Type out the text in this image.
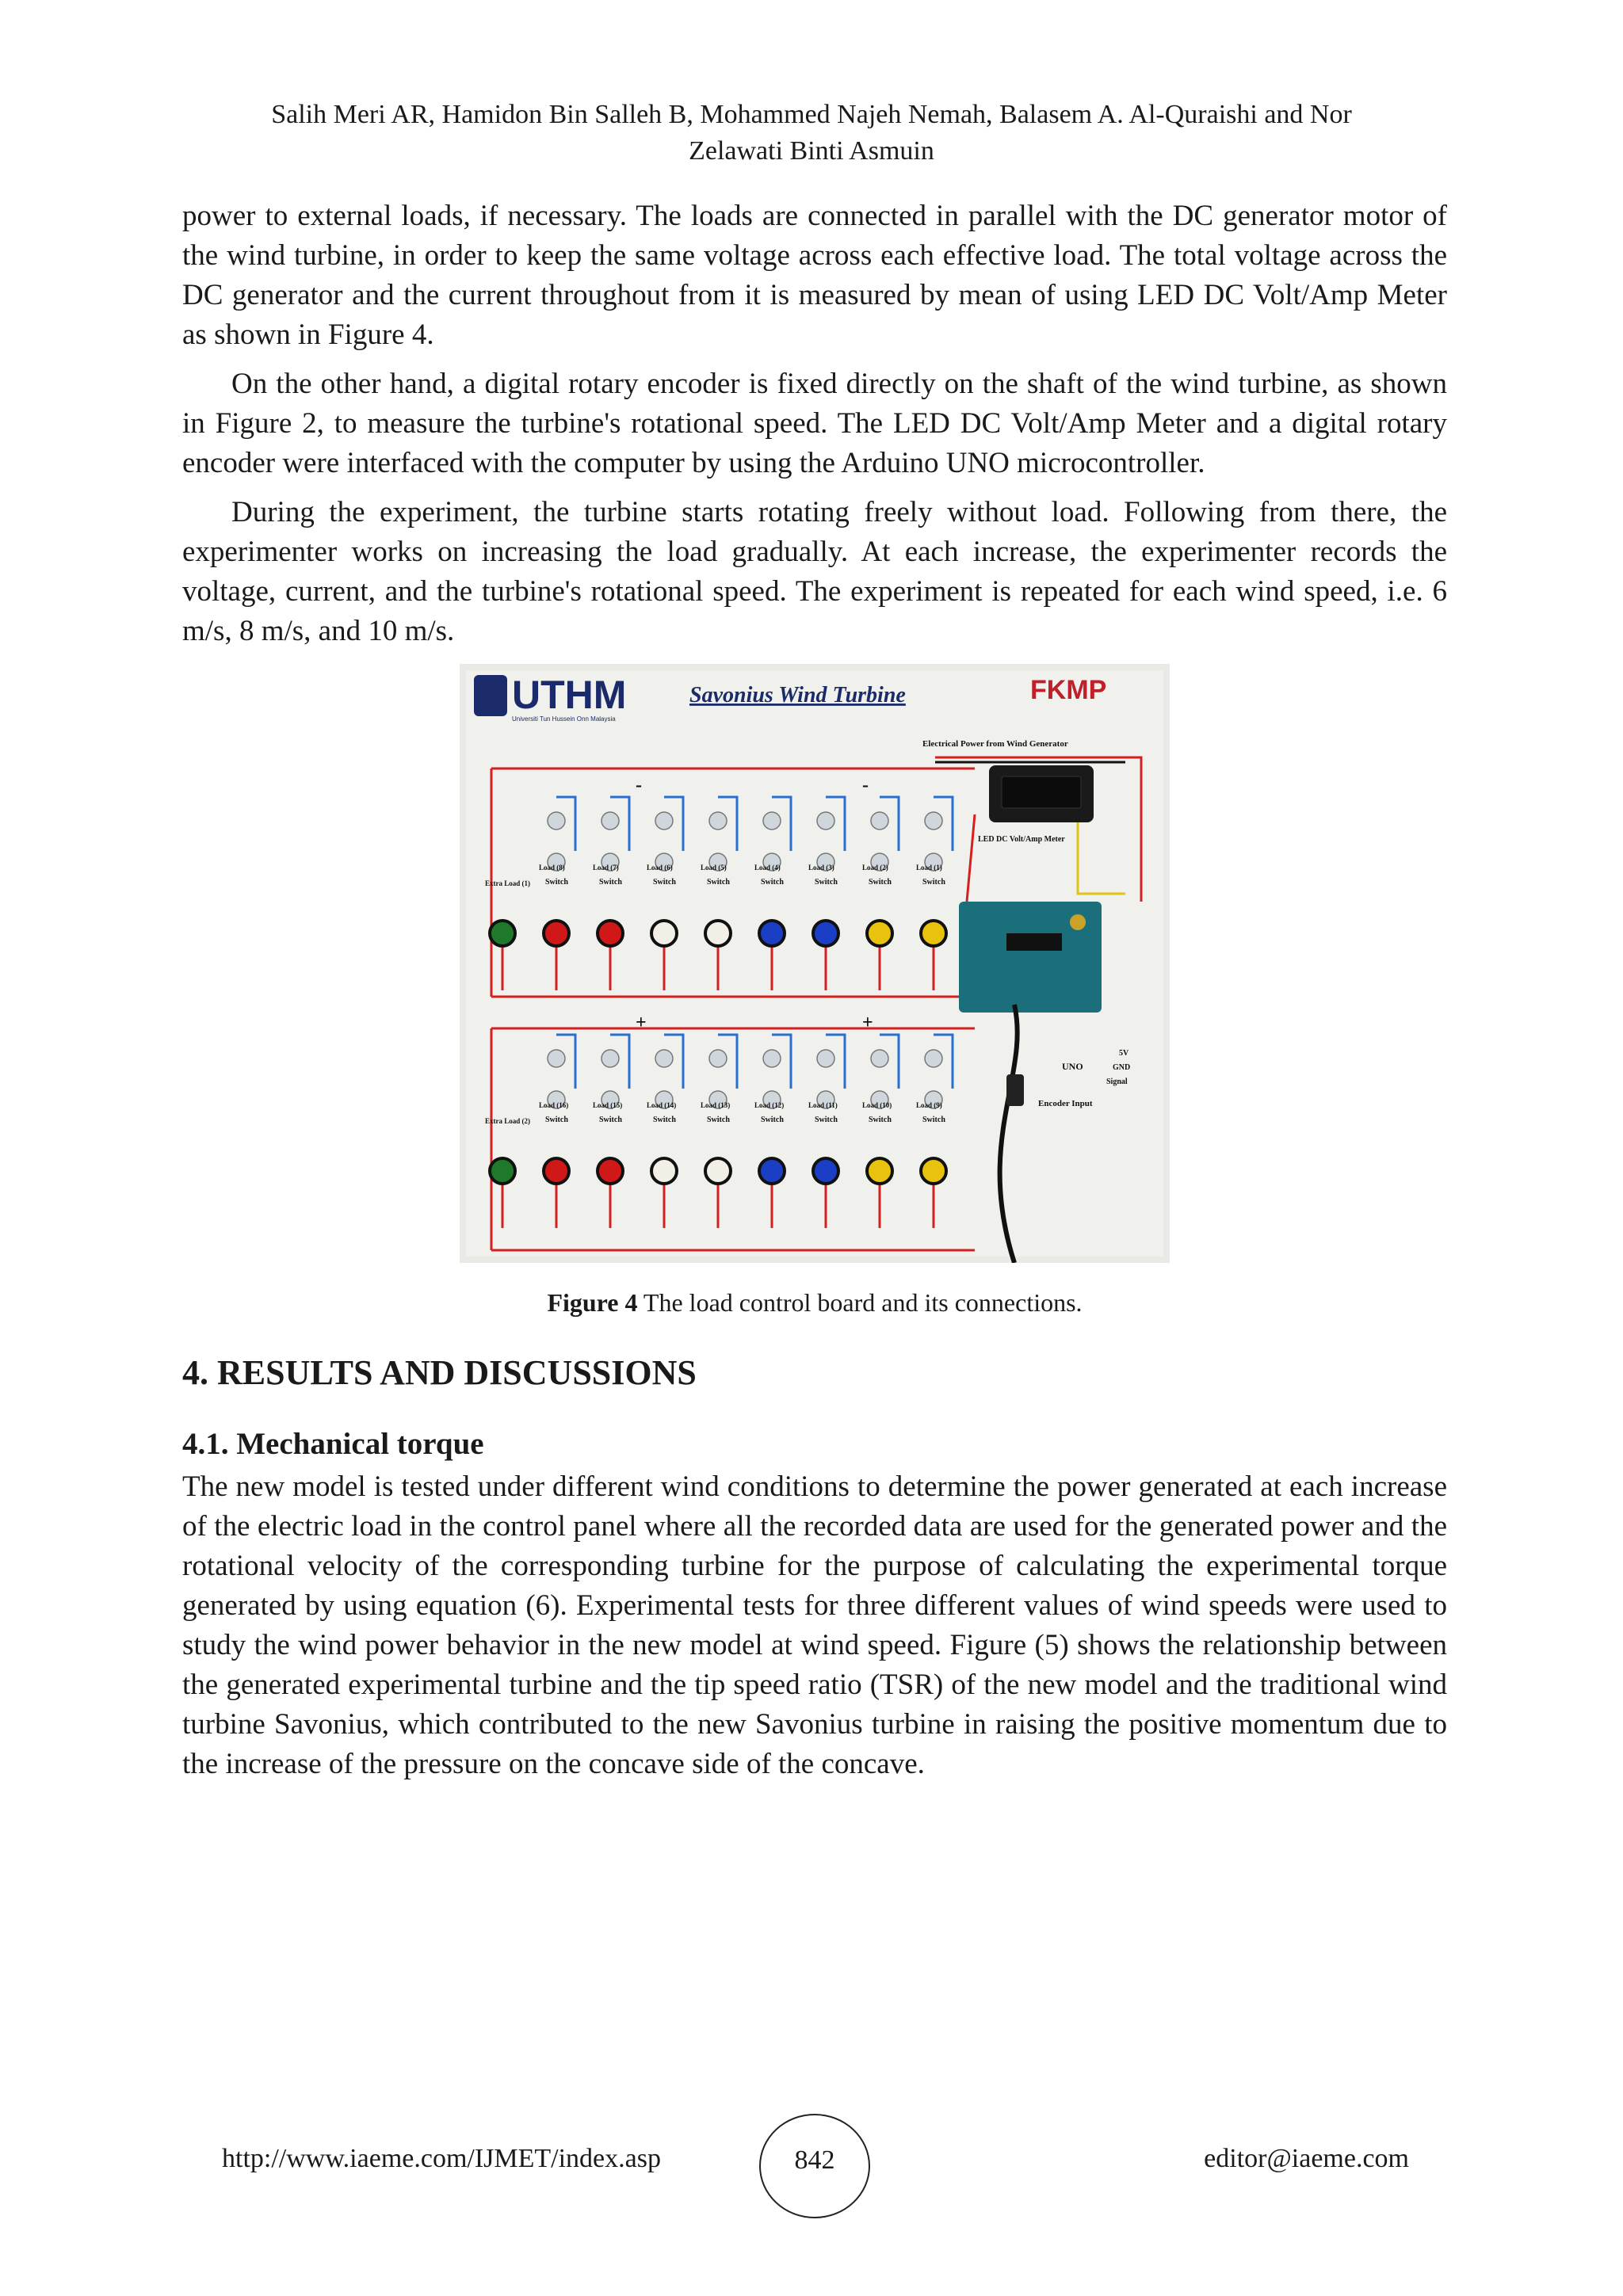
Salih Meri AR, Hamidon Bin Salleh B, Mohammed Najeh Nemah, Balasem A. Al-Quraishi and Nor
Zelawati Binti Asmuin

power to external loads, if necessary. The loads are connected in parallel with the DC generator motor of the wind turbine, in order to keep the same voltage across each effective load. The total voltage across the DC generator and the current throughout from it is measured by mean of using LED DC Volt/Amp Meter as shown in Figure 4.

On the other hand, a digital rotary encoder is fixed directly on the shaft of the wind turbine, as shown in Figure 2, to measure the turbine's rotational speed. The LED DC Volt/Amp Meter and a digital rotary encoder were interfaced with the computer by using the Arduino UNO microcontroller.

During the experiment, the turbine starts rotating freely without load. Following from there, the experimenter works on increasing the load gradually. At each increase, the experimenter records the voltage, current, and the turbine's rotational speed. The experiment is repeated for each wind speed, i.e. 6 m/s, 8 m/s, and 10 m/s.

UTHM
Universiti Tun Hussein Onn Malaysia
Savonius Wind Turbine	FKMP
Electrical Power from Wind Generator
-	-
Extra Load (1) Switch
Load (8)
Switch
Load (7)
Switch
Load (6)
Switch
Load (5)
Switch
Load (4)
Switch
Load (3)
Switch
Load (2)
Switch
Load (1)
+	+
Extra Load (2) Switch
Load (16)
Switch
Load (15)
Switch
Load (14)
Switch
Load (13)
Switch
Load (12)
Switch
Load (11)
Switch
Load (10)
Switch
Load (9)
LED DC Volt/Amp Meter
UNO
5V
GND
Signal
Encoder Input
Figure 4 The load control board and its connections.
4. RESULTS AND DISCUSSIONS
4.1. Mechanical torque

The new model is tested under different wind conditions to determine the power generated at each increase of the electric load in the control panel where all the recorded data are used for the generated power and the rotational velocity of the corresponding turbine for the purpose of calculating the experimental torque generated by using equation (6). Experimental tests for three different values of wind speeds were used to study the wind power behavior in the new model at wind speed. Figure (5) shows the relationship between the generated experimental turbine and the tip speed ratio (TSR) of the new model and the traditional wind turbine Savonius, which contributed to the new Savonius turbine in raising the positive momentum due to the increase of the pressure on the concave side of the concave.

http://www.iaeme.com/IJMET/index.asp	842	editor@iaeme.com
